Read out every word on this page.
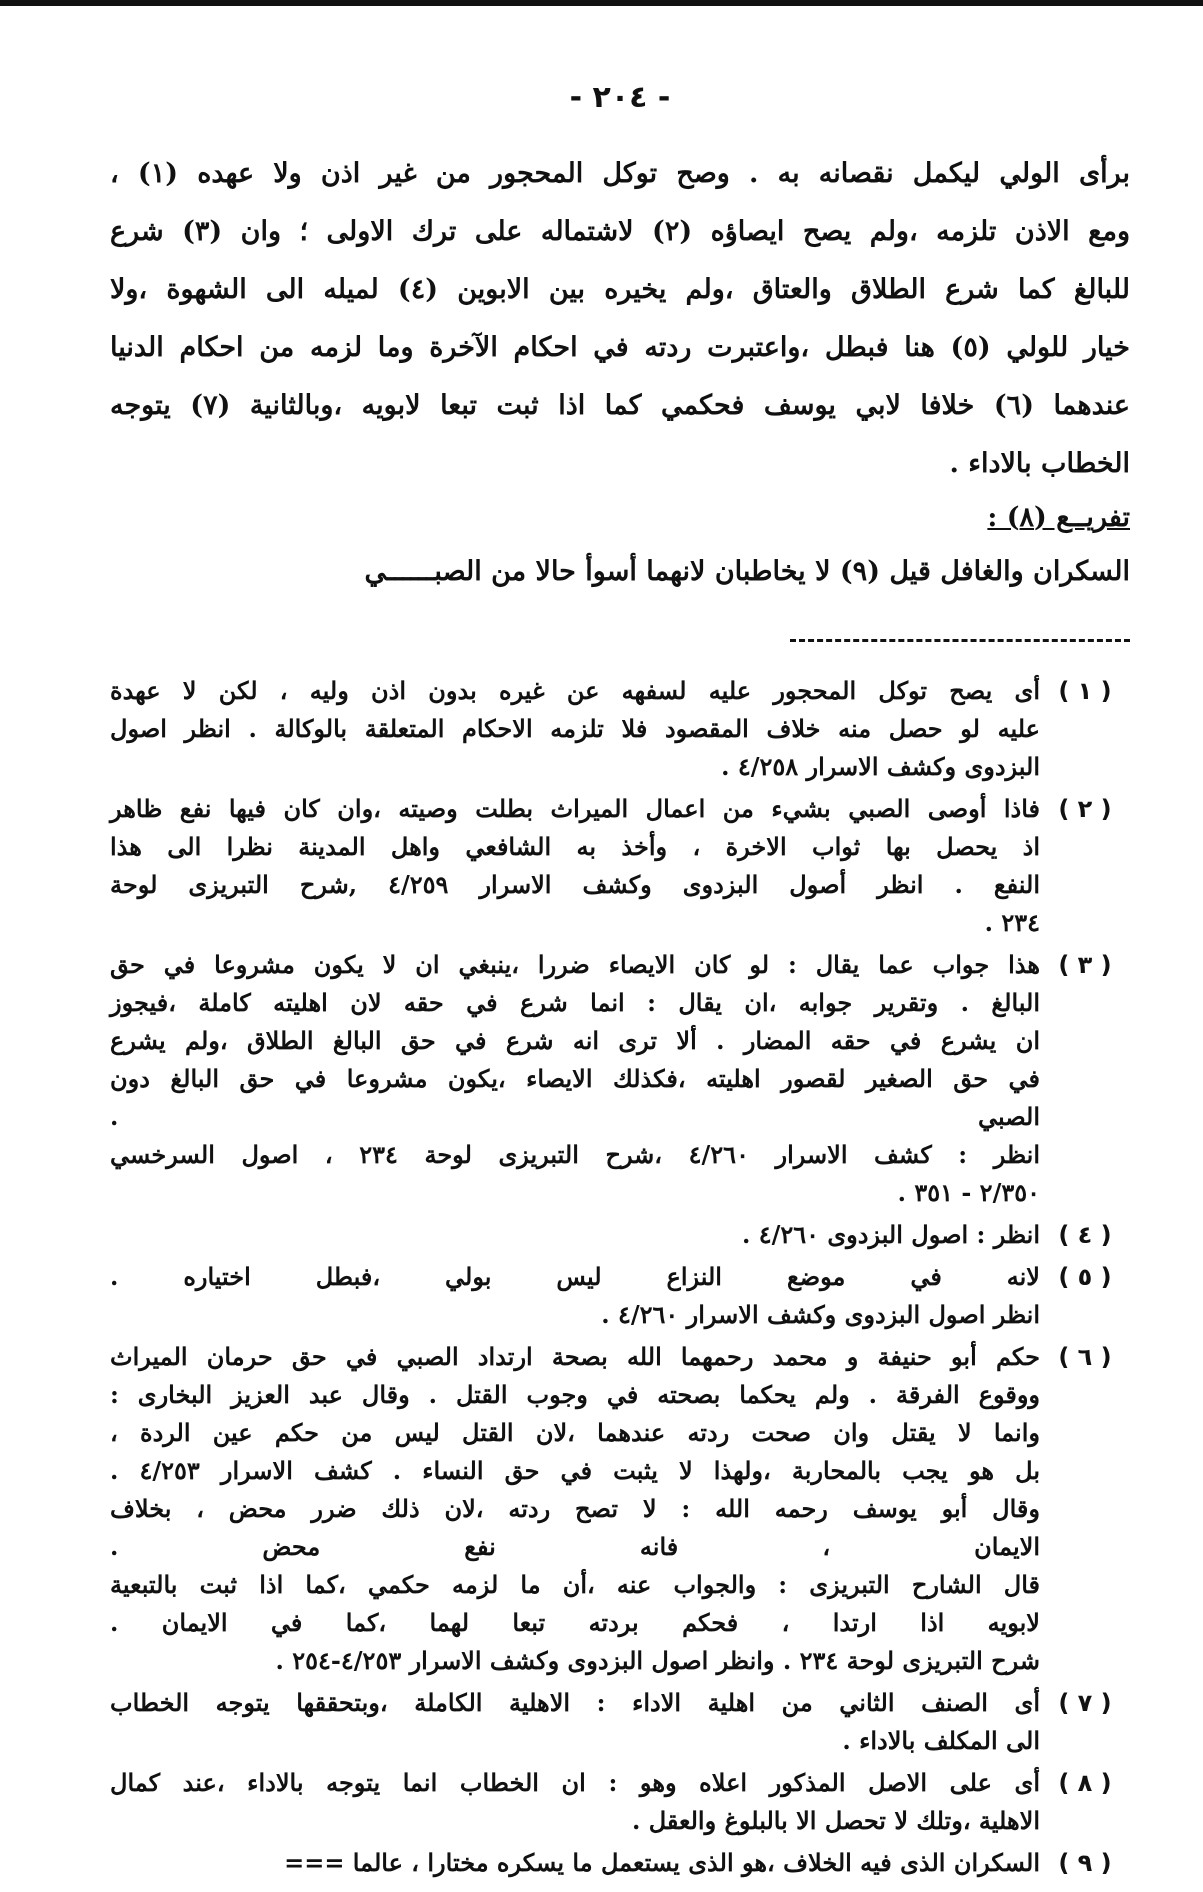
- ٢٠٤ -
برأى الولي ليكمل نقصانه به . وصح توكل المحجور من غير اذن ولا عهده (١) ،
ومع الاذن تلزمه ،ولم يصح ايصاؤه (٢) لاشتماله على ترك الاولى ؛ وان (٣) شرع
للبالغ كما شرع الطلاق والعتاق ،ولم يخيره بين الابوين (٤) لميله الى الشهوة ،ولا
خيار للولي (٥) هنا فبطل ،واعتبرت ردته في احكام الآخرة وما لزمه من احكام الدنيا
عندهما (٦) خلافا لابي يوسف فحكمي كما اذا ثبت تبعا لابويه ،وبالثانية (٧) يتوجه
الخطاب بالاداء .
تفريــع (٨) :
السكران والغافل قيل (٩) لا يخاطبان لانهما أسوأ حالا من الصبــــــي
( ١ )
أى يصح توكل المحجور عليه لسفهه عن غيره بدون اذن وليه ، لكن لا عهدة
عليه لو حصل منه خلاف المقصود فلا تلزمه الاحكام المتعلقة بالوكالة . انظر اصول
البزدوى وكشف الاسرار ٤/٢٥٨ .
( ٢ )
فاذا أوصى الصبي بشيء من اعمال الميراث بطلت وصيته ،وان كان فيها نفع ظاهر
اذ يحصل بها ثواب الاخرة ، وأخذ به الشافعي واهل المدينة نظرا الى هذا
النفع . انظر أصول البزدوى وكشف الاسرار ٤/٢٥٩ ,شرح التبريزى لوحة
٢٣٤ .
( ٣ )
هذا جواب عما يقال : لو كان الايصاء ضررا ،ينبغي ان لا يكون مشروعا في حق
البالغ . وتقرير جوابه ،ان يقال : انما شرع في حقه لان اهليته كاملة ،فيجوز
ان يشرع في حقه المضار . ألا ترى انه شرع في حق البالغ الطلاق ،ولم يشرع
في حق الصغير لقصور اهليته ،فكذلك الايصاء ،يكون مشروعا في حق البالغ دون
الصبي .
انظر : كشف الاسرار ٤/٢٦٠ ،شرح التبريزى لوحة ٢٣٤ ، اصول السرخسي
٢/٣٥٠ - ٣٥١ .
( ٤ )
انظر : اصول البزدوى ٤/٢٦٠ .
( ٥ )
لانه في موضع النزاع ليس بولي ،فبطل اختياره .
انظر اصول البزدوى وكشف الاسرار ٤/٢٦٠ .
( ٦ )
حكم أبو حنيفة و محمد رحمهما الله بصحة ارتداد الصبي في حق حرمان الميراث
ووقوع الفرقة . ولم يحكما بصحته في وجوب القتل . وقال عبد العزيز البخارى :
وانما لا يقتل وان صحت ردته عندهما ،لان القتل ليس من حكم عين الردة ،
بل هو يجب بالمحاربة ،ولهذا لا يثبت في حق النساء . كشف الاسرار ٤/٢٥٣ .
وقال أبو يوسف رحمه الله : لا تصح ردته ،لان ذلك ضرر محض ، بخلاف
الايمان ، فانه نفع محض .
قال الشارح التبريزى : والجواب عنه ،أن ما لزمه حكمي ،كما اذا ثبت بالتبعية
لابويه اذا ارتدا ، فحكم بردته تبعا لهما ،كما في الايمان .
شرح التبريزى لوحة ٢٣٤ . وانظر اصول البزدوى وكشف الاسرار ٤/٢٥٣-٢٥٤ .
( ٧ )
أى الصنف الثاني من اهلية الاداء : الاهلية الكاملة ،وبتحققها يتوجه الخطاب
الى المكلف بالاداء .
( ٨ )
أى على الاصل المذكور اعلاه وهو : ان الخطاب انما يتوجه بالاداء ،عند كمال
الاهلية ،وتلك لا تحصل الا بالبلوغ والعقل .
( ٩ )
السكران الذى فيه الخلاف ،هو الذى يستعمل ما يسكره مختارا ، عالما ===
